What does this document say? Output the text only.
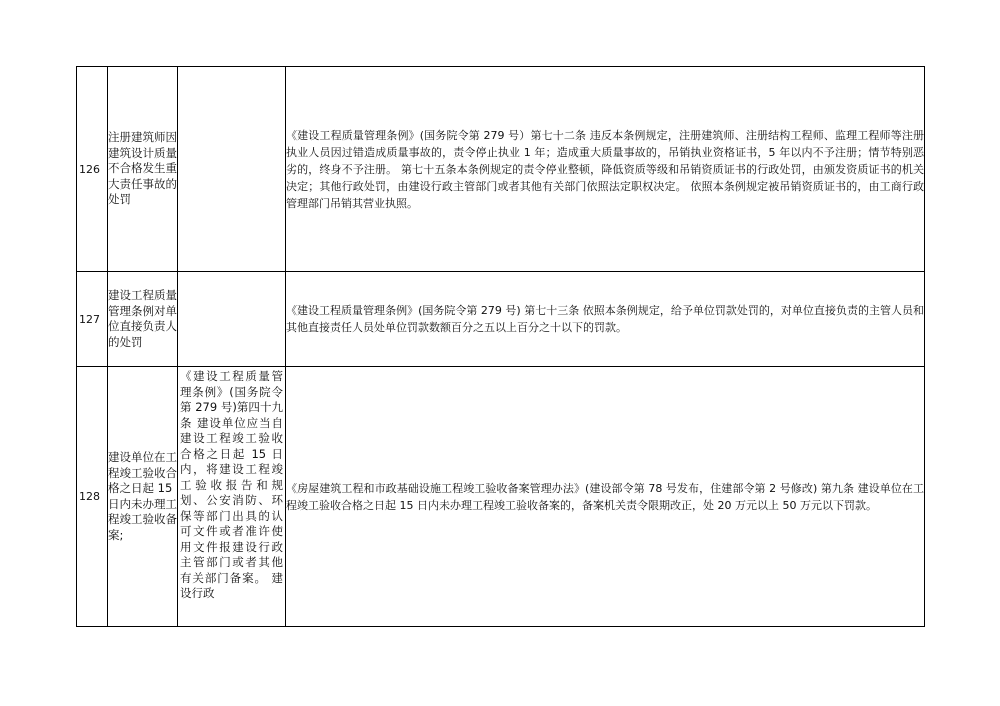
126	注册建筑师因建筑设计质量不合格发生重大责任事故的处罚		《建设工程质量管理条例》(国务院令第 279 号）第七十二条 违反本条例规定，注册建筑师、注册结构工程师、监理工程师等注册执业人员因过错造成质量事故的，责令停止执业 1 年；造成重大质量事故的，吊销执业资格证书，5 年以内不予注册；情节特别恶劣的，终身不予注册。 第七十五条本条例规定的责令停业整顿，降低资质等级和吊销资质证书的行政处罚，由颁发资质证书的机关决定；其他行政处罚，由建设行政主管部门或者其他有关部门依照法定职权决定。 依照本条例规定被吊销资质证书的，由工商行政管理部门吊销其营业执照。
127	建设工程质量管理条例对单位直接负责人的处罚		《建设工程质量管理条例》(国务院令第 279 号) 第七十三条 依照本条例规定，给予单位罚款处罚的，对单位直接负责的主管人员和其他直接责任人员处单位罚款数额百分之五以上百分之十以下的罚款。
128	建设单位在工程竣工验收合格之日起 15 日内未办理工程竣工验收备案;	《建设工程质量管理条例》(国务院令第 279 号)第四十九条 建设单位应当自建设工程竣工验收合格之日起 15 日内，将建设工程竣工验收报告和规划、公安消防、环保等部门出具的认可文件或者准许使用文件报建设行政主管部门或者其他有关部门备案。 建设行政	《房屋建筑工程和市政基础设施工程竣工验收备案管理办法》(建设部令第 78 号发布，住建部令第 2 号修改) 第九条 建设单位在工程竣工验收合格之日起 15 日内未办理工程竣工验收备案的，备案机关责令限期改正，处 20 万元以上 50 万元以下罚款。
